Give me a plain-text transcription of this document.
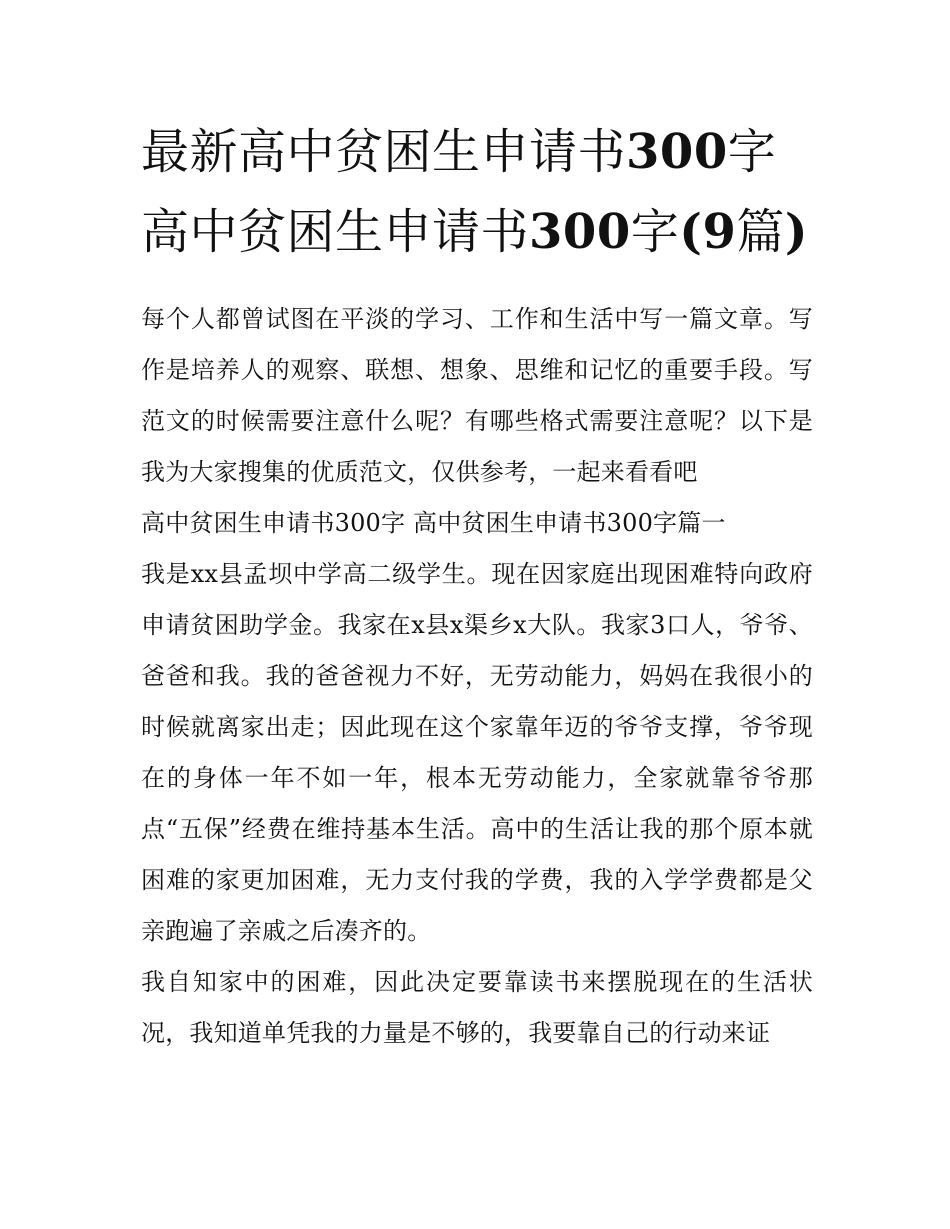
最新高中贫困生申请书300字高中贫困生申请书300字(9篇)

每个人都曾试图在平淡的学习、工作和生活中写一篇文章。写作是培养人的观察、联想、想象、思维和记忆的重要手段。写范文的时候需要注意什么呢？有哪些格式需要注意呢？以下是我为大家搜集的优质范文，仅供参考，一起来看看吧

高中贫困生申请书300字 高中贫困生申请书300字篇一

我是xx县孟坝中学高二级学生。现在因家庭出现困难特向政府申请贫困助学金。我家在x县x渠乡x大队。我家3口人，爷爷、爸爸和我。我的爸爸视力不好，无劳动能力，妈妈在我很小的时候就离家出走；因此现在这个家靠年迈的爷爷支撑，爷爷现在的身体一年不如一年，根本无劳动能力，全家就靠爷爷那点“五保”经费在维持基本生活。高中的生活让我的那个原本就困难的家更加困难，无力支付我的学费，我的入学学费都是父亲跑遍了亲戚之后凑齐的。

我自知家中的困难，因此决定要靠读书来摆脱现在的生活状况，我知道单凭我的力量是不够的，我要靠自己的行动来证
